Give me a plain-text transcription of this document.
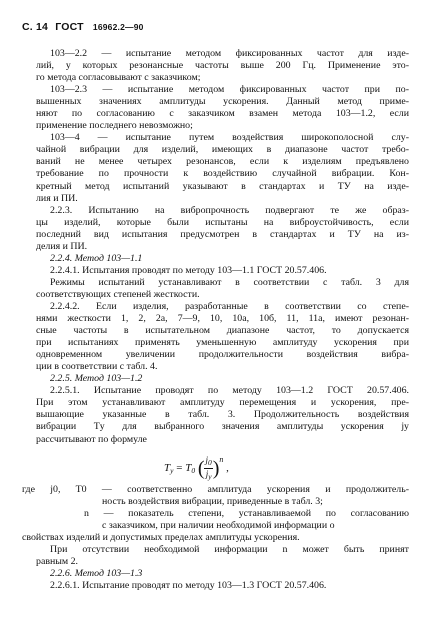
С. 14 ГОСТ 16962.2—90
103—2.2 — испытание методом фиксированных частот для изде-
лий, у которых резонансные частоты выше 200 Гц. Применение это-
го метода согласовывают с заказчиком;
103—2.3 — испытание методом фиксированных частот при по-
вышенных значениях амплитуды ускорения. Данный метод приме-
няют по согласованию с заказчиком взамен метода 103—1.2, если
применение последнего невозможно;
103—4 — испытание путем воздействия широкополосной слу-
чайной вибрации для изделий, имеющих в диапазоне частот требо-
ваний не менее четырех резонансов, если к изделиям предъявлено
требование по прочности к воздействию случайной вибрации. Кон-
кретный метод испытаний указывают в стандартах и ТУ на изде-
лия и ПИ.
2.2.3. Испытанию на вибропрочность подвергают те же образ-
цы изделий, которые были испытаны на виброустойчивость, если
последний вид испытания предусмотрен в стандартах и ТУ на из-
делия и ПИ.
2.2.4. Метод 103—1.1
2.2.4.1. Испытания проводят по методу 103—1.1 ГОСТ 20.57.406.
Режимы испытаний устанавливают в соответствии с табл. 3 для
соответствующих степеней жесткости.
2.2.4.2. Если изделия, разработанные в соответствии со степе-
нями жесткости 1, 2, 2а, 7—9, 10, 10а, 10б, 11, 11а, имеют резонан-
сные частоты в испытательном диапазоне частот, то допускается
при испытаниях применять уменьшенную амплитуду ускорения при
одновременном увеличении продолжительности воздействия вибра-
ции в соответствии с табл. 4.
2.2.5. Метод 103—1.2
2.2.5.1. Испытание проводят по методу 103—1.2 ГОСТ 20.57.406.
При этом устанавливают амплитуду перемещения и ускорения, пре-
вышающие указанные в табл. 3. Продолжительность воздействия
вибрации Tу для выбранного значения амплитуды ускорения jу
рассчитывают по формуле
$T_у = T_0$ ( $\frac{j_0}{j_у} )^n$ ,
где j0, T0 — соответственно амплитуда ускорения и продолжитель-
ность воздействия вибрации, приведенные в табл. 3;
n — показатель степени, устанавливаемой по согласованию
с заказчиком, при наличии необходимой информации о
свойствах изделий и допустимых пределах амплитуды ускорения.
При отсутствии необходимой информации n может быть принят
равным 2.
2.2.6. Метод 103—1.3
2.2.6.1. Испытание проводят по методу 103—1.3 ГОСТ 20.57.406.
